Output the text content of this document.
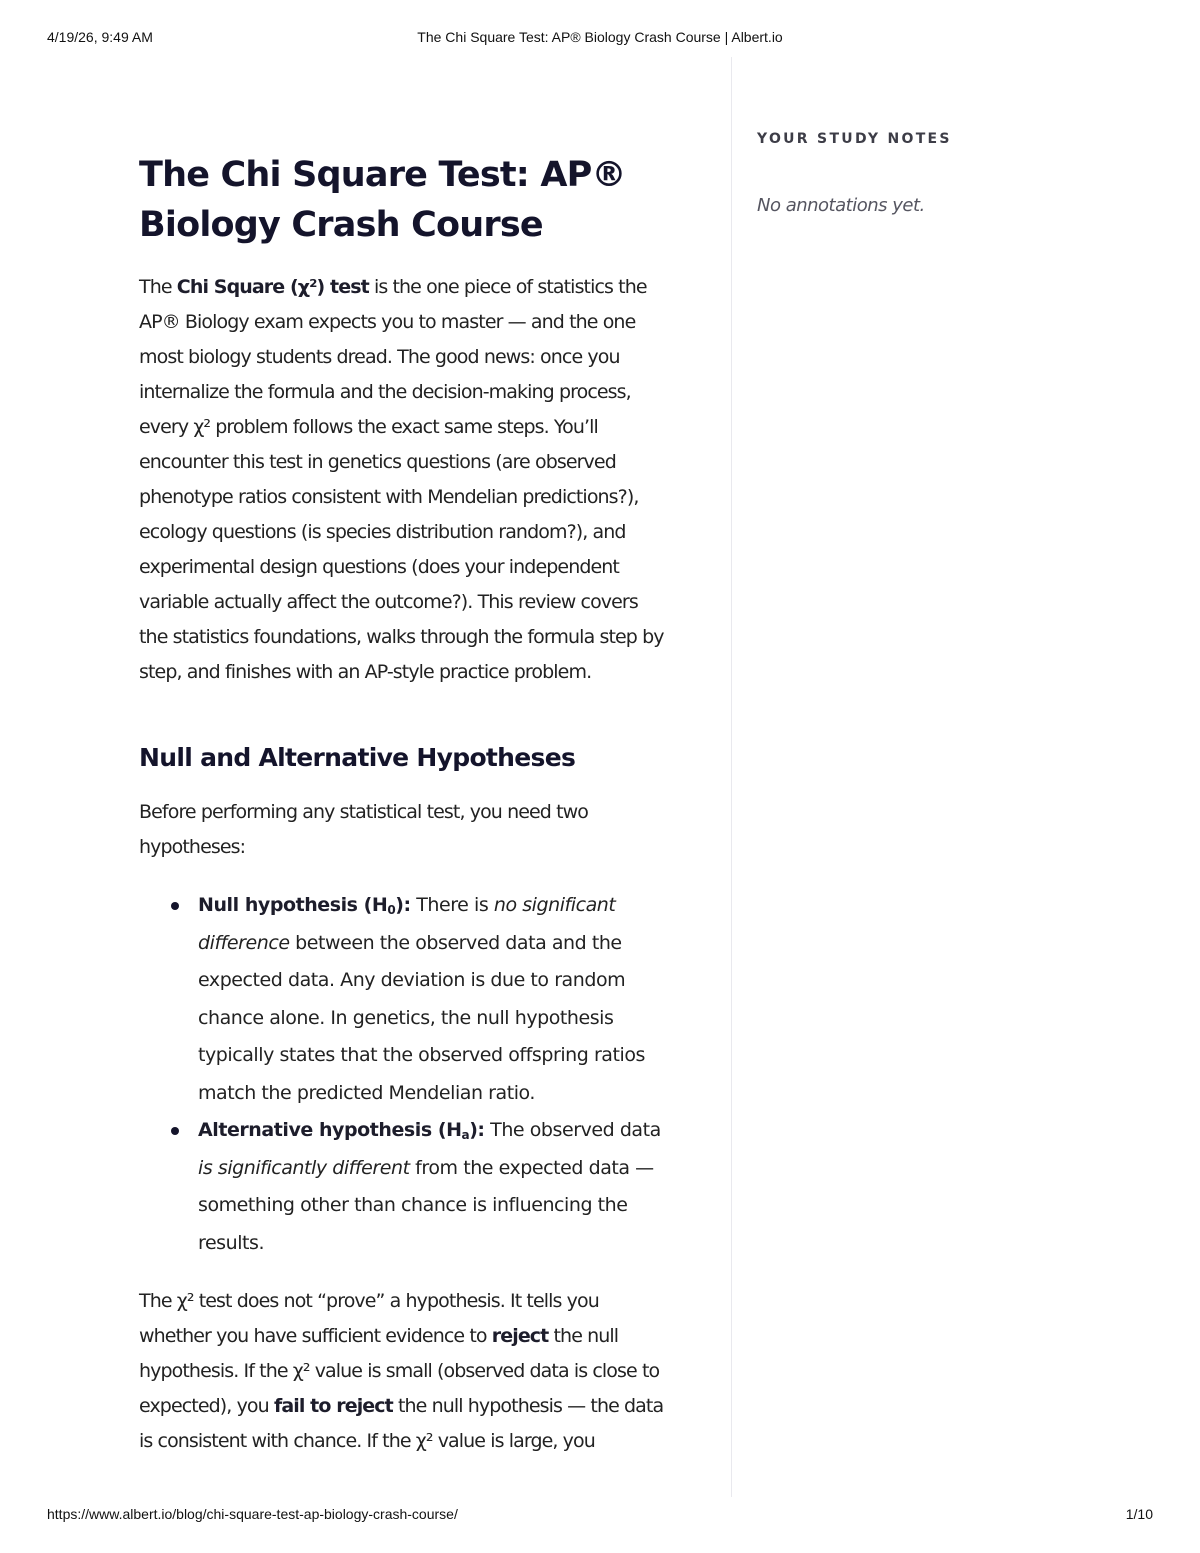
4/19/26, 9:49 AM	The Chi Square Test: AP® Biology Crash Course | Albert.io
The Chi Square Test: AP® Biology Crash Course

The Chi Square (χ²) test is the one piece of statistics the AP® Biology exam expects you to master — and the one most biology students dread. The good news: once you internalize the formula and the decision-making process, every χ² problem follows the exact same steps. You’ll encounter this test in genetics questions (are observed phenotype ratios consistent with Mendelian predictions?), ecology questions (is species distribution random?), and experimental design questions (does your independent variable actually affect the outcome?). This review covers the statistics foundations, walks through the formula step by step, and finishes with an AP-style practice problem.

Null and Alternative Hypotheses

Before performing any statistical test, you need two hypotheses:

Null hypothesis $(H_0)$: There is no significant difference between the observed data and the expected data. Any deviation is due to random chance alone. In genetics, the null hypothesis typically states that the observed offspring ratios match the predicted Mendelian ratio.
Alternative hypothesis $(H_a)$: The observed data is significantly different from the expected data — something other than chance is influencing the results.

The χ² test does not “prove” a hypothesis. It tells you whether you have sufficient evidence to reject the null hypothesis. If the χ² value is small (observed data is close to expected), you fail to reject the null hypothesis — the data is consistent with chance. If the χ² value is large, you

YOUR STUDY NOTES
No annotations yet.
https://www.albert.io/blog/chi-square-test-ap-biology-crash-course/	1/10
